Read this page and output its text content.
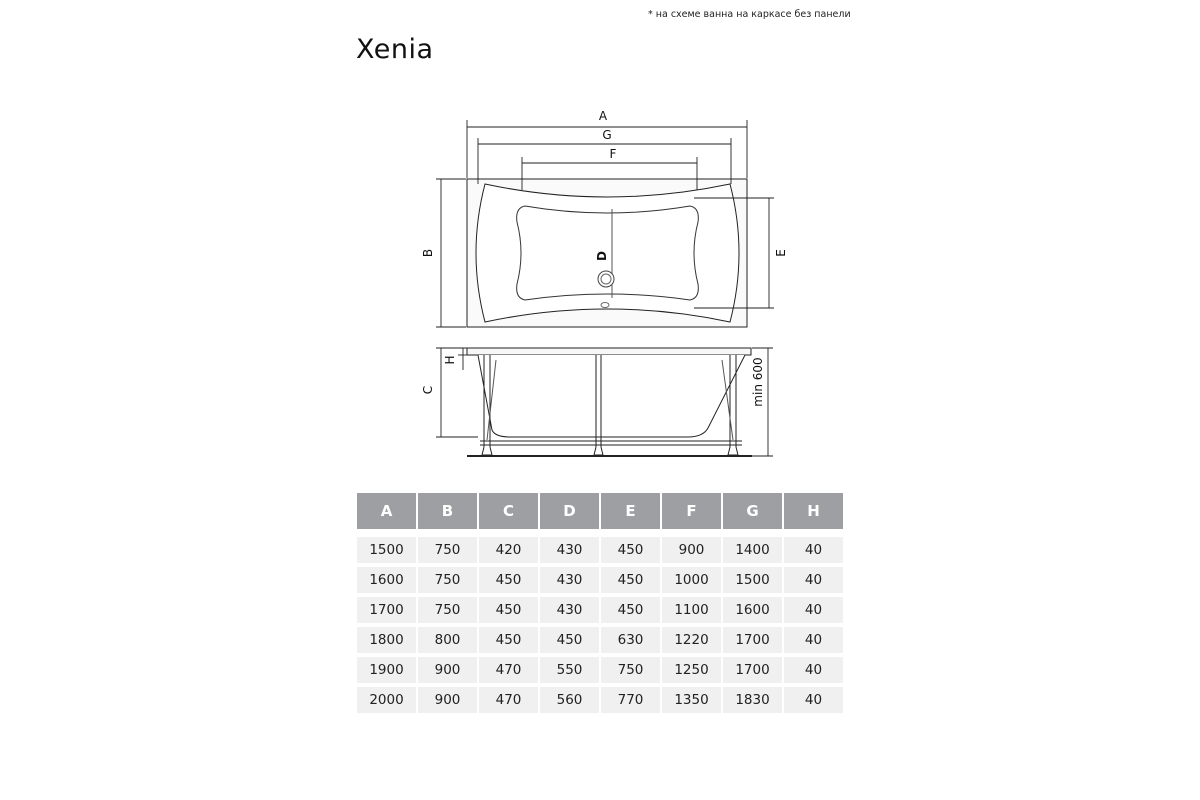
* на схеме ванна на каркасе без панели
Xenia
A
G
F
B	D	E
H
C	min 600
A	B	C	D	E	F	G	H

1500	750	420	430	450	900	1400	40
1600	750	450	430	450	1000	1500	40
1700	750	450	430	450	1100	1600	40
1800	800	450	450	630	1220	1700	40
1900	900	470	550	750	1250	1700	40
2000	900	470	560	770	1350	1830	40
